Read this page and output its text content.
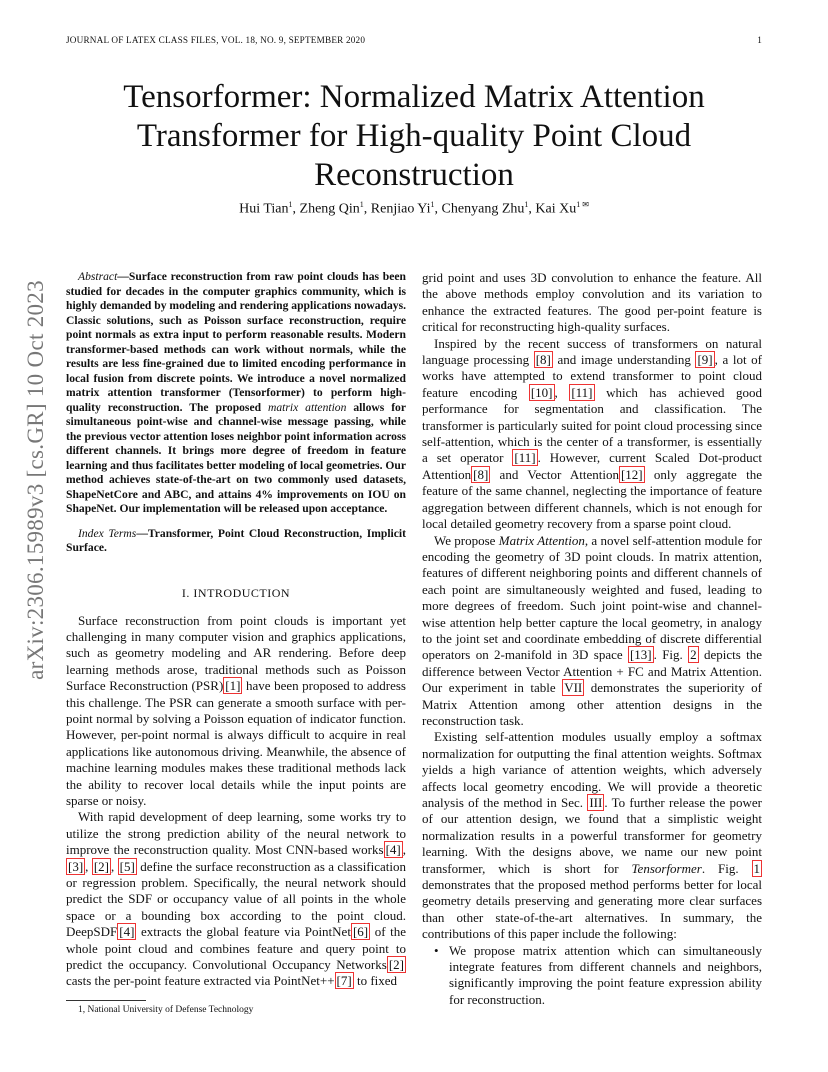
JOURNAL OF LATEX CLASS FILES, VOL. 18, NO. 9, SEPTEMBER 2020	1
Tensorformer: Normalized Matrix Attention Transformer for High-quality Point Cloud Reconstruction
Hui Tian$^1$, Zheng Qin$^1$, Renjiao Yi$^1$, Chenyang Zhu$^1$, Kai $Xu^{1 ✉}$
arXiv:2306.15989v3 [cs.GR] 10 Oct 2023

Abstract—Surface reconstruction from raw point clouds has been studied for decades in the computer graphics community, which is highly demanded by modeling and rendering applications nowadays. Classic solutions, such as Poisson surface reconstruction, require point normals as extra input to perform reasonable results. Modern transformer-based methods can work without normals, while the results are less fine-grained due to limited encoding performance in local fusion from discrete points. We introduce a novel normalized matrix attention transformer (Tensorformer) to perform high-quality reconstruction. The proposed matrix attention allows for simultaneous point-wise and channel-wise message passing, while the previous vector attention loses neighbor point information across different channels. It brings more degree of freedom in feature learning and thus facilitates better modeling of local geometries. Our method achieves state-of-the-art on two commonly used datasets, ShapeNetCore and ABC, and attains 4% improvements on IOU on ShapeNet. Our implementation will be released upon acceptance.

Index Terms—Transformer, Point Cloud Reconstruction, Implicit Surface.

I. INTRODUCTION

Surface reconstruction from point clouds is important yet challenging in many computer vision and graphics applications, such as geometry modeling and AR rendering. Before deep learning methods arose, traditional methods such as Poisson Surface Reconstruction (PSR) [1] have been proposed to address this challenge. The PSR can generate a smooth surface with per-point normal by solving a Poisson equation of indicator function. However, per-point normal is always difficult to acquire in real applications like autonomous driving. Meanwhile, the absence of machine learning modules makes these traditional methods lack the ability to recover local details while the input points are sparse or noisy.

With rapid development of deep learning, some works try to utilize the strong prediction ability of the neural network to improve the reconstruction quality. Most CNN-based works [4] , [3] , [2] , [5] define the surface reconstruction as a classification or regression problem. Specifically, the neural network should predict the SDF or occupancy value of all points in the whole space or a bounding box according to the point cloud. DeepSDF [4] extracts the global feature via PointNet [6] of the whole point cloud and combines feature and query point to predict the occupancy. Convolutional Occupancy Networks [2] casts the per-point feature extracted via PointNet++ [7] to fixed

grid point and uses 3D convolution to enhance the feature. All the above methods employ convolution and its variation to enhance the extracted features. The good per-point feature is critical for reconstructing high-quality surfaces.

Inspired by the recent success of transformers on natural language processing [8] and image understanding [9] , a lot of works have attempted to extend transformer to point cloud feature encoding [10] , [11] which has achieved good performance for segmentation and classification. The transformer is particularly suited for point cloud processing since self-attention, which is the center of a transformer, is essentially a set operator [11] . However, current Scaled Dot-product Attention [8] and Vector Attention [12] only aggregate the feature of the same channel, neglecting the importance of feature aggregation between different channels, which is not enough for local detailed geometry recovery from a sparse point cloud.

We propose Matrix Attention, a novel self-attention module for encoding the geometry of 3D point clouds. In matrix attention, features of different neighboring points and different channels of each point are simultaneously weighted and fused, leading to more degrees of freedom. Such joint point-wise and channel-wise attention help better capture the local geometry, in analogy to the joint set and coordinate embedding of discrete differential operators on 2-manifold in 3D space [13] . Fig. 2 depicts the difference between Vector Attention + FC and Matrix Attention. Our experiment in table VII demonstrates the superiority of Matrix Attention among other attention designs in the reconstruction task.

Existing self-attention modules usually employ a softmax normalization for outputting the final attention weights. Softmax yields a high variance of attention weights, which adversely affects local geometry encoding. We will provide a theoretic analysis of the method in Sec. III . To further release the power of our attention design, we found that a simplistic weight normalization results in a powerful transformer for geometry learning. With the designs above, we name our new point transformer, which is short for Tensorformer. Fig. 1 demonstrates that the proposed method performs better for local geometry details preserving and generating more clear surfaces than other state-of-the-art alternatives. In summary, the contributions of this paper include the following:

• We propose matrix attention which can simultaneously integrate features from different channels and neighbors, significantly improving the point feature expression ability for reconstruction.

1, National University of Defense Technology
